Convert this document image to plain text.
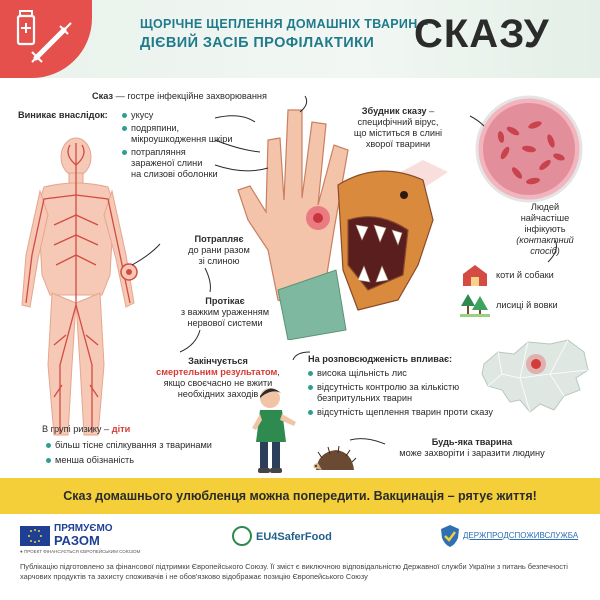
ЩОРІЧНЕ ЩЕПЛЕННЯ ДОМАШНІХ ТВАРИН –
ДІЄВИЙ ЗАСІБ ПРОФІЛАКТИКИ СКАЗУ
Сказ — гостре інфекційне захворювання
Виникає внаслідок:	укусу
подряпини,
мікроушкодження шкіри
потрапляння
зараженої слини
на слизові оболонки
Збудник сказу –
специфічний вірус,
що міститься в слині
хворої тварини
Людей
найчастіше
інфікують
(контактний
спосіб)
коти й собаки
лисиці й вовки
Потрапляє
до рани разом
зі слиною
Протікає
з важким ураженням
нервової системи
Закінчується
смертельним результатом,
якщо своєчасно не вжити
необхідних заходів
На розповсюдженість впливає:
висока щільність лис
відсутність контролю за кількістю
безпритульних тварин
відсутність щеплення тварин проти сказу
В групі ризику – діти
більш тісне спілкування з тваринами
менша обізнаність
Будь-яка тварина
може захворіти і заразити людину
Сказ домашнього улюбленця можна попередити. Вакцинація – рятує життя!
ПРЯМУЄМО
РАЗОМ
● ПРОЕКТ ФІНАНСУЄТЬСЯ ЄВРОПЕЙСЬКИМ СОЮЗОМ
EU4SaferFood	ДЕРЖПРОДСПОЖИВСЛУЖБА
Публікацію підготовлено за фінансової підтримки Європейського Союзу. Її зміст є виключною відповідальністю Державної служби України з питань безпечності харчових продуктів та захисту споживачів і не обов'язково відображає позицію Європейського Союзу
